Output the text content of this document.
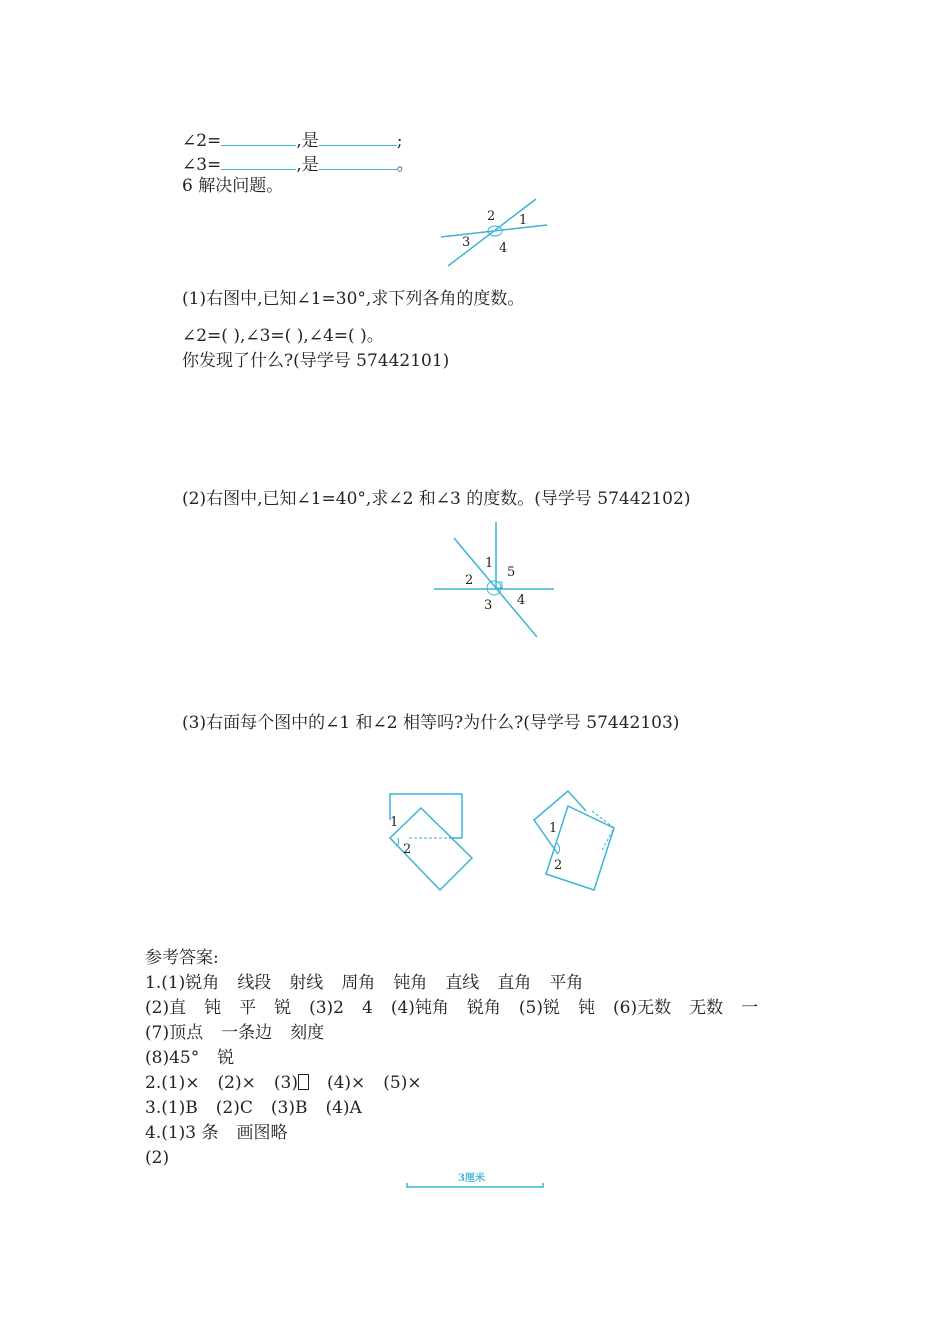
∠2=	,是	;
∠3=	,是	。
6 解决问题。
2 1
3 4
(1)右图中,已知∠1=30°,求下列各角的度数。
∠2=( ),∠3=( ),∠4=( )。
你发现了什么?(导学号 57442101)
(2)右图中,已知∠1=40°,求∠2 和∠3 的度数。(导学号 57442102)
1
5
2
3 4
(3)右面每个图中的∠1 和∠2 相等吗?为什么?(导学号 57442103)
1
2
1
2
参考答案:
1.(1)锐角 线段 射线 周角 钝角 直线 直角 平角
(2)直 钝 平 锐 (3)2 4 (4)钝角 锐角 (5)锐 钝 (6)无数 无数 一
(7)顶点 一条边 刻度
(8)45° 锐
2.(1)× (2)× (3) (4)× (5)×
3.(1)B (2)C (3)B (4)A
4.(1)3 条 画图略
(2)
3厘米
